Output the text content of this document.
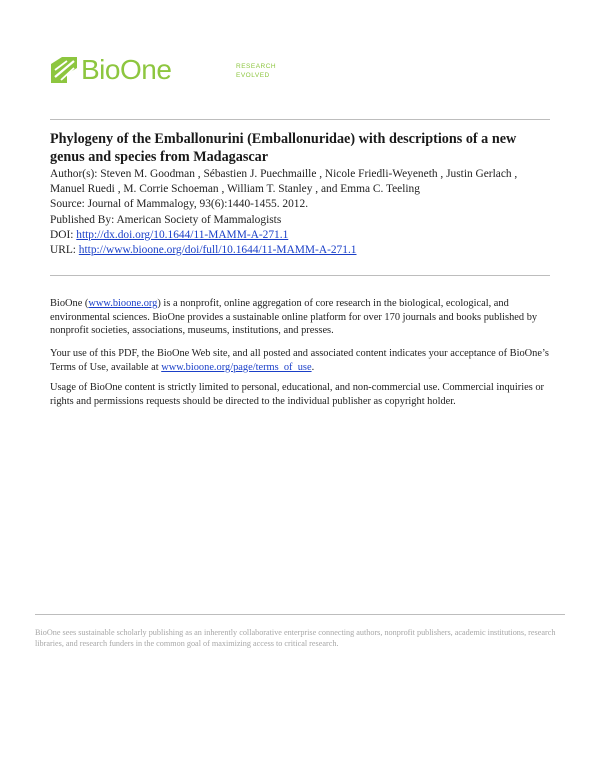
BioOne	RESEARCH
EVOLVED
Phylogeny of the Emballonurini (Emballonuridae) with descriptions of a new genus and species from Madagascar
Author(s): Steven M. Goodman , Sébastien J. Puechmaille , Nicole Friedli-Weyeneth , Justin Gerlach ,
Manuel Ruedi , M. Corrie Schoeman , William T. Stanley , and Emma C. Teeling
Source: Journal of Mammalogy, 93(6):1440-1455. 2012.
Published By: American Society of Mammalogists
DOI: http://dx.doi.org/10.1644/11-MAMM-A-271.1
URL: http://www.bioone.org/doi/full/10.1644/11-MAMM-A-271.1

BioOne (www.bioone.org) is a nonprofit, online aggregation of core research in the biological, ecological, and environmental sciences. BioOne provides a sustainable online platform for over 170 journals and books published by nonprofit societies, associations, museums, institutions, and presses.

Your use of this PDF, the BioOne Web site, and all posted and associated content indicates your acceptance of BioOne’s Terms of Use, available at www.bioone.org/page/terms_of_use.

Usage of BioOne content is strictly limited to personal, educational, and non-commercial use. Commercial inquiries or rights and permissions requests should be directed to the individual publisher as copyright holder.

BioOne sees sustainable scholarly publishing as an inherently collaborative enterprise connecting authors, nonprofit publishers, academic institutions, research libraries, and research funders in the common goal of maximizing access to critical research.
